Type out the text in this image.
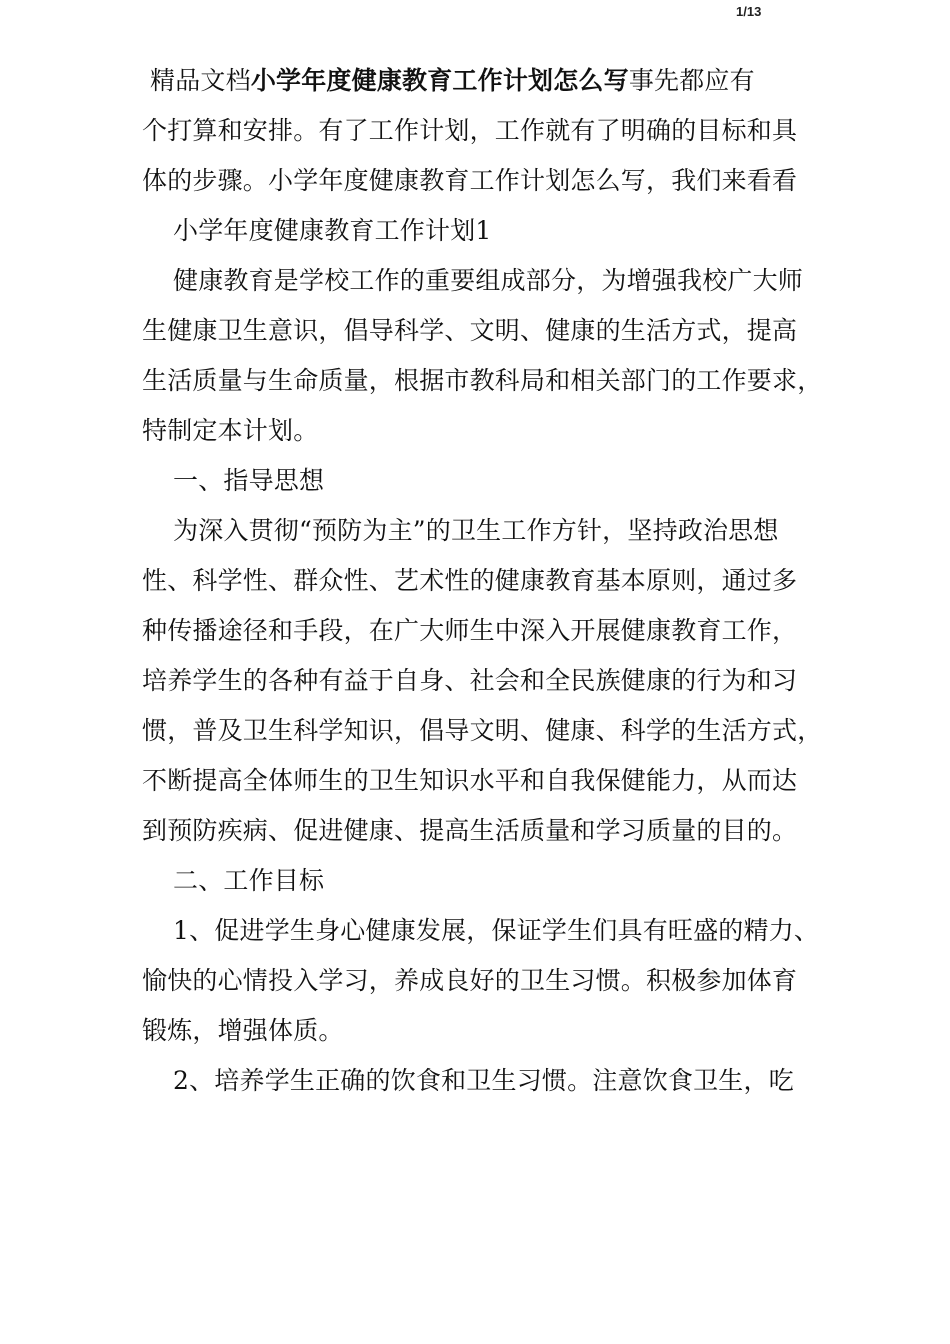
1/13
精品文档小学年度健康教育工作计划怎么写事先都应有
个打算和安排。有了工作计划，工作就有了明确的目标和具
体的步骤。小学年度健康教育工作计划怎么写，我们来看看
小学年度健康教育工作计划1
健康教育是学校工作的重要组成部分，为增强我校广大师
生健康卫生意识，倡导科学、文明、健康的生活方式，提高
生活质量与生命质量，根据市教科局和相关部门的工作要求，
特制定本计划。
一、指导思想
为深入贯彻“预防为主”的卫生工作方针，坚持政治思想
性、科学性、群众性、艺术性的健康教育基本原则，通过多
种传播途径和手段，在广大师生中深入开展健康教育工作，
培养学生的各种有益于自身、社会和全民族健康的行为和习
惯，普及卫生科学知识，倡导文明、健康、科学的生活方式，
不断提高全体师生的卫生知识水平和自我保健能力，从而达
到预防疾病、促进健康、提高生活质量和学习质量的目的。
二、工作目标
1、促进学生身心健康发展，保证学生们具有旺盛的精力、
愉快的心情投入学习，养成良好的卫生习惯。积极参加体育
锻炼，增强体质。
2、培养学生正确的饮食和卫生习惯。注意饮食卫生，吃
